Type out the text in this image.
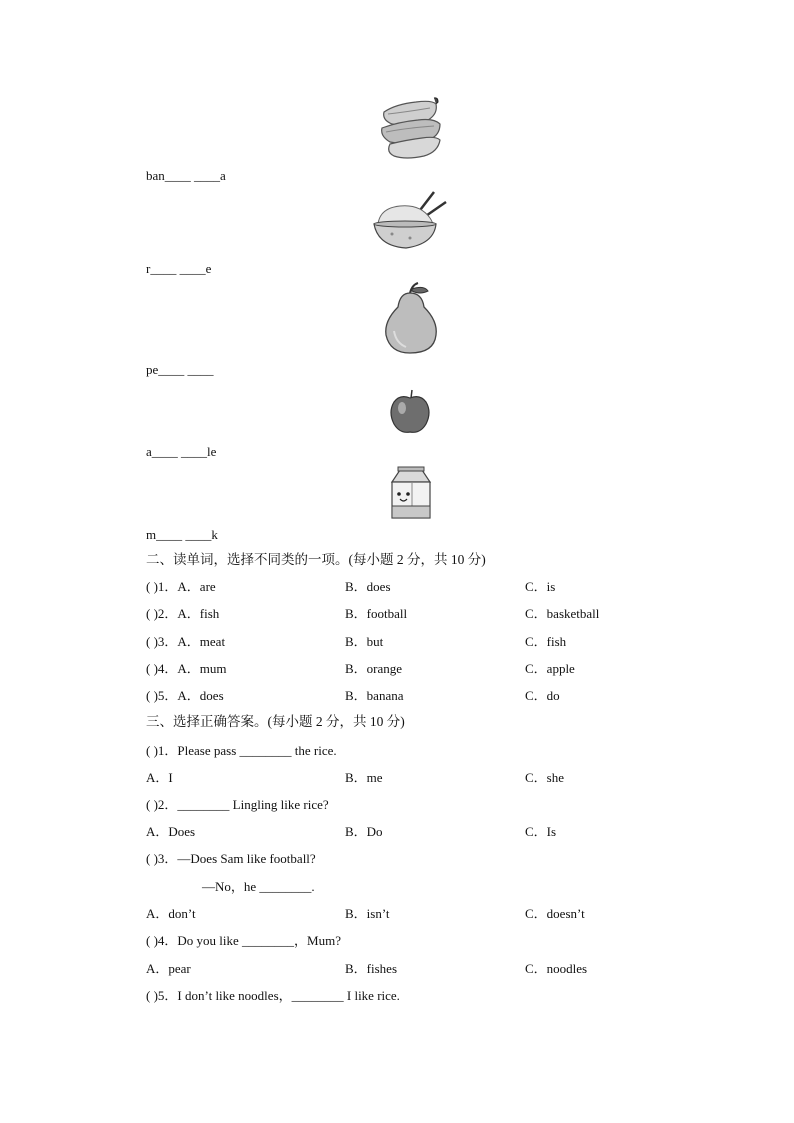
ban____ ____a
r____ ____e
pe____ ____
a____ ____le
m____ ____k
二、读单词，选择不同类的一项。(每小题 2 分，共 10 分)
( )1．A．are	B．does	C．is
( )2．A．fish	B．football	C．basketball
( )3．A．meat	B．but	C．fish
( )4．A．mum	B．orange	C．apple
( )5．A．does	B．banana	C．do
三、选择正确答案。(每小题 2 分，共 10 分)
( )1．Please pass ________ the rice.
A．I	B．me	C．she
( )2．________ Lingling like rice?
A．Does	B．Do	C．Is
( )3．—Does Sam like football?
—No，he ________.
A．don’t	B．isn’t	C．doesn’t
( )4．Do you like ________，Mum?
A．pear	B．fishes	C．noodles
( )5．I don’t like noodles，________ I like rice.
